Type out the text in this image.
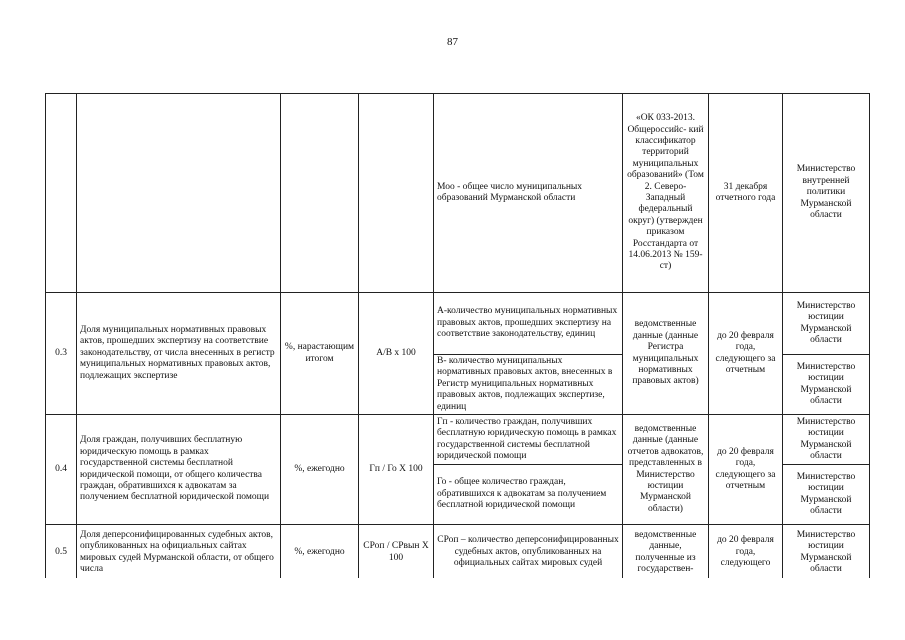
87
				Моо - общее число муниципальных образований Мурманской области	«ОК 033-2013. Общероссийс- кий классификатор территорий муниципальных образований» (Том 2. Северо- Западный федеральный округ) (утвержден приказом Росстандарта от 14.06.2013 № 159-ст)	31 декабря отчетного года	Министерство внутренней политики Мурманской области
0.3	Доля муниципальных нормативных правовых актов, прошедших экспертизу на соответствие законодательству, от числа внесенных в регистр муниципальных нормативных правовых актов, подлежащих экспертизе	%, нарастающим итогом	А/В х 100	А-количество муниципальных нормативных правовых актов, прошедших экспертизу на соответствие законодательству, единиц	ведомственные данные (данные Регистра муниципальных нормативных правовых актов)	до 20 февраля года, следующего за отчетным	Министерство юстиции Мурманской области
				В- количество муниципальных нормативных правовых актов, внесенных в Регистр муниципальных нормативных правовых актов, подлежащих экспертизе, единиц			Министерство юстиции Мурманской области
0.4	Доля граждан, получивших бесплатную юридическую помощь в рамках государственной системы бесплатной юридической помощи, от общего количества граждан, обратившихся к адвокатам за получением бесплатной юридической помощи	%, ежегодно	Гп / Го Х 100	Гп - количество граждан, получивших бесплатную юридическую помощь в рамках государственной системы бесплатной юридической помощи	ведомственные данные (данные отчетов адвокатов, представленных в Министерство юстиции Мурманской области)	до 20 февраля года, следующего за отчетным	Министерство юстиции Мурманской области
				Го - общее количество граждан, обратившихся к адвокатам за получением бесплатной юридической помощи			Министерство юстиции Мурманской области
0.5	Доля деперсонифицированных судебных актов, опубликованных на официальных сайтах мировых судей Мурманской области, от общего числа	%, ежегодно	СРоп / СРвын Х 100	СРоп – количество деперсонифицированных судебных актов, опубликованных на официальных сайтах мировых судей	ведомственные данные, полученные из государствен-	до 20 февраля года, следующего	Министерство юстиции Мурманской области
